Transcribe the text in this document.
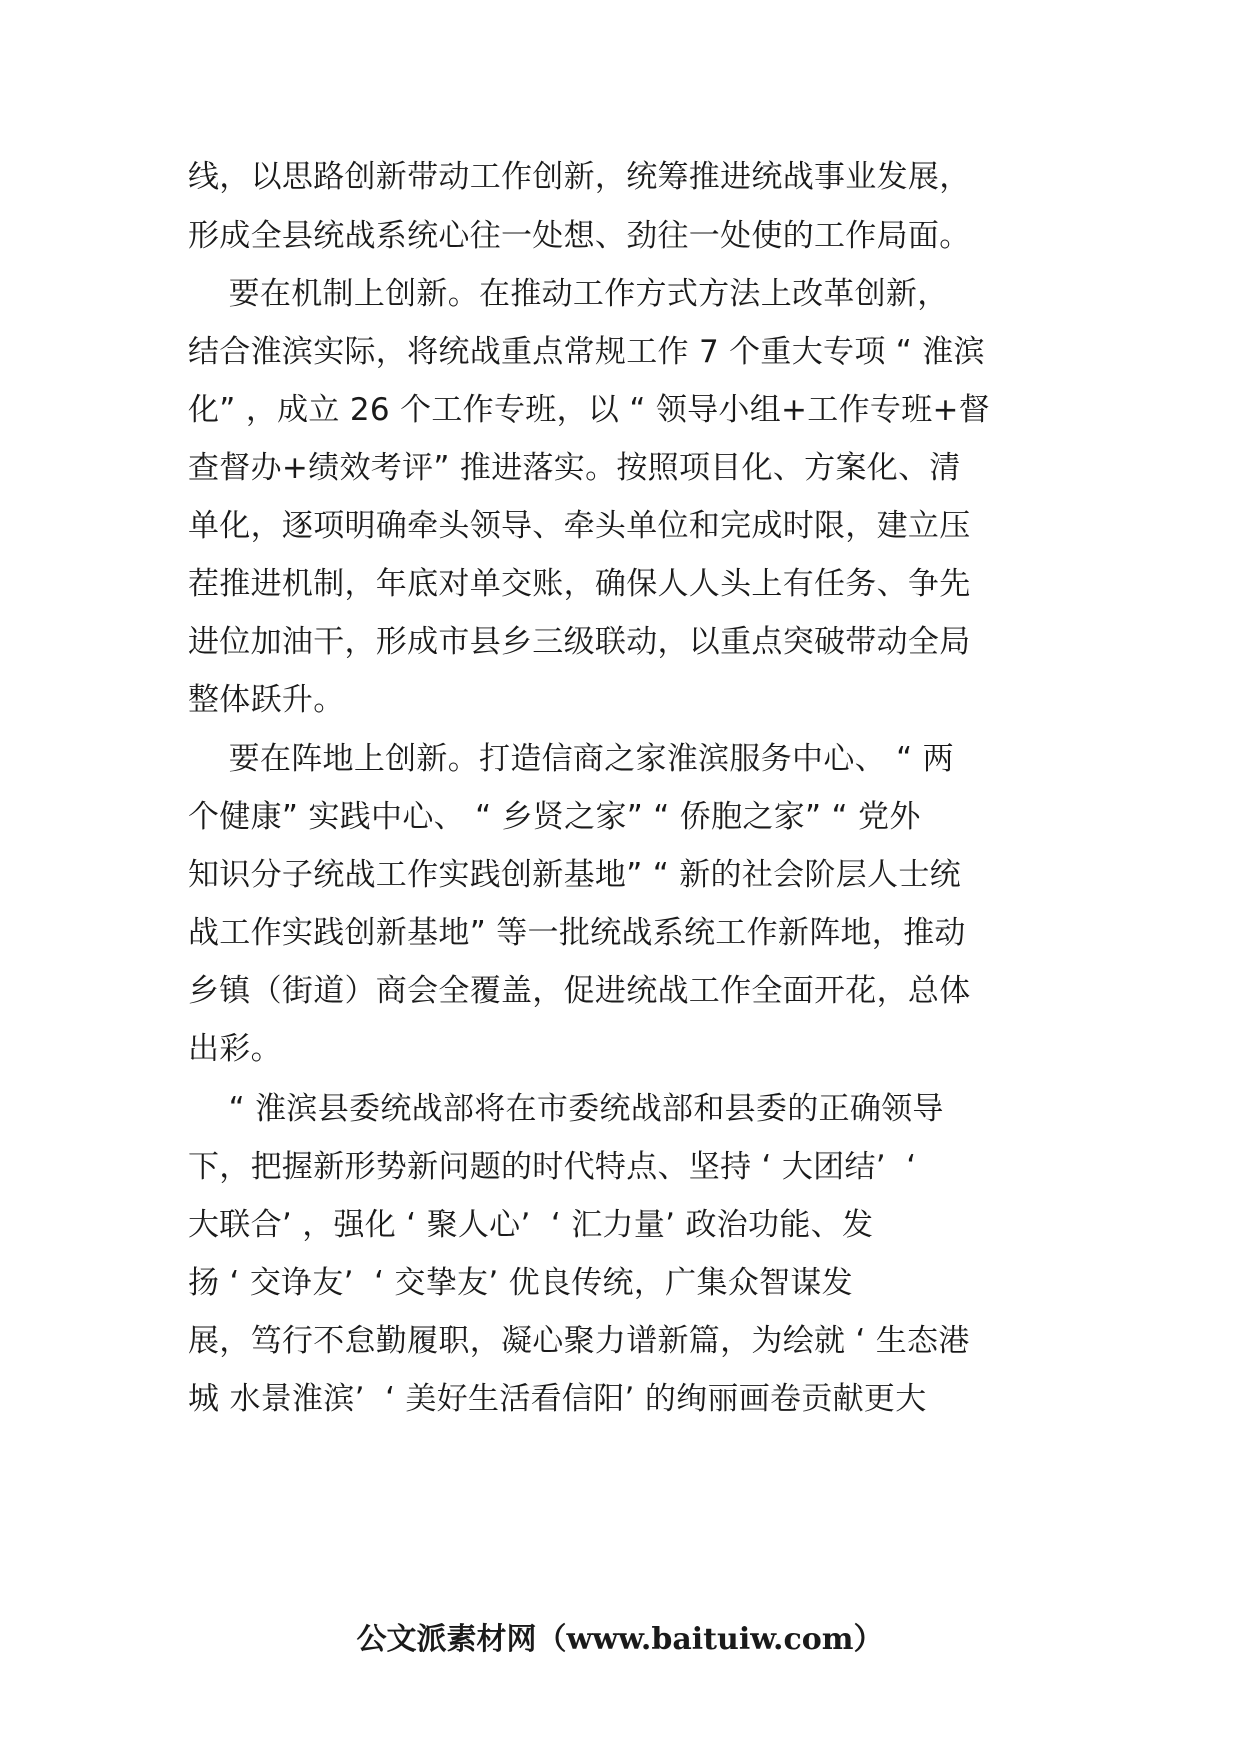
线，以思路创新带动工作创新，统筹推进统战事业发展，
形成全县统战系统心往一处想、劲往一处使的工作局面。
要在机制上创新。在推动工作方式方法上改革创新，
结合淮滨实际，将统战重点常规工作 7 个重大专项 “ 淮滨
化” ，成立 26 个工作专班，以 “ 领导小组+工作专班+督
查督办+绩效考评” 推进落实。按照项目化、方案化、清
单化，逐项明确牵头领导、牵头单位和完成时限，建立压
茬推进机制，年底对单交账，确保人人头上有任务、争先
进位加油干，形成市县乡三级联动，以重点突破带动全局
整体跃升。
要在阵地上创新。打造信商之家淮滨服务中心、 “ 两
个健康” 实践中心、 “ 乡贤之家” “ 侨胞之家” “ 党外
知识分子统战工作实践创新基地” “ 新的社会阶层人士统
战工作实践创新基地” 等一批统战系统工作新阵地，推动
乡镇（街道）商会全覆盖，促进统战工作全面开花，总体
出彩。
“ 淮滨县委统战部将在市委统战部和县委的正确领导
下，把握新形势新问题的时代特点、坚持 ‘ 大团结’  ‘
大联合’ ，强化 ‘ 聚人心’  ‘ 汇力量’ 政治功能、发
扬 ‘ 交诤友’  ‘ 交挚友’ 优良传统，广集众智谋发
展，笃行不怠勤履职，凝心聚力谱新篇，为绘就 ‘ 生态港
城 水景淮滨’  ‘ 美好生活看信阳’ 的绚丽画卷贡献更大
公文派素材网（www.baituiw.com）
